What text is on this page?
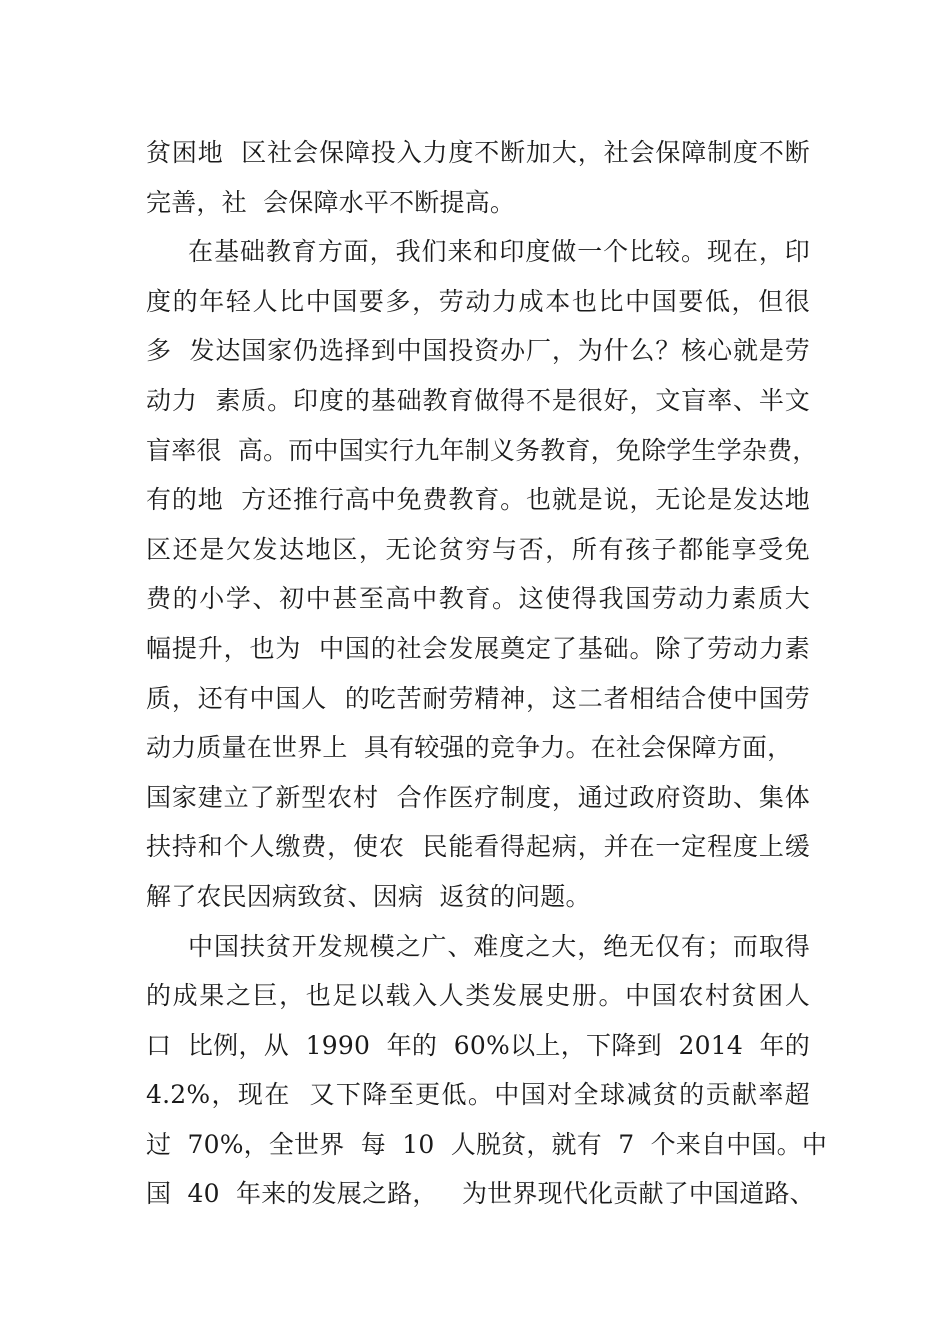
贫困地  区社会保障投入力度不断加大，社会保障制度不断
完善，社  会保障水平不断提高。
在基础教育方面，我们来和印度做一个比较。现在，印
度的年轻人比中国要多，劳动力成本也比中国要低，但很
多  发达国家仍选择到中国投资办厂，为什么？核心就是劳
动力  素质。印度的基础教育做得不是很好，文盲率、半文
盲率很  高。而中国实行九年制义务教育，免除学生学杂费，
有的地  方还推行高中免费教育。也就是说，无论是发达地
区还是欠发达地区，无论贫穷与否，所有孩子都能享受免
费的小学、初中甚至高中教育。这使得我国劳动力素质大
幅提升，也为  中国的社会发展奠定了基础。除了劳动力素
质，还有中国人  的吃苦耐劳精神，这二者相结合使中国劳
动力质量在世界上  具有较强的竞争力。在社会保障方面，
国家建立了新型农村  合作医疗制度，通过政府资助、集体
扶持和个人缴费，使农  民能看得起病，并在一定程度上缓
解了农民因病致贫、因病  返贫的问题。
中国扶贫开发规模之广、难度之大，绝无仅有；而取得
的成果之巨，也足以载入人类发展史册。中国农村贫困人
口  比例，从  1990  年的  60%以上，下降到  2014  年的
4.2%，现在  又下降至更低。中国对全球减贫的贡献率超
过  70%，全世界  每  10  人脱贫，就有  7  个来自中国。中
国  40  年来的发展之路，   为世界现代化贡献了中国道路、
